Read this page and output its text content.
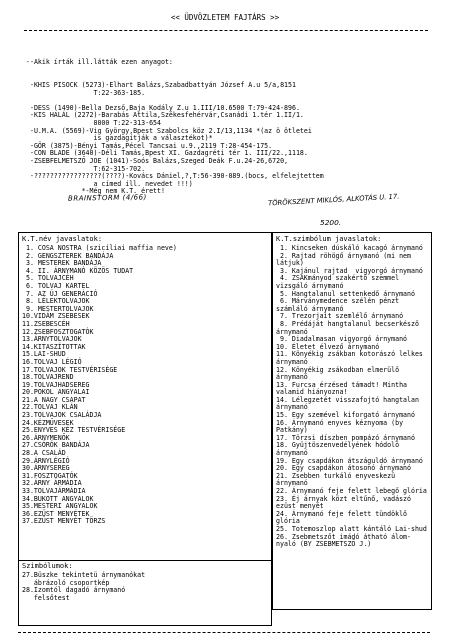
<< ÜDVÖZLETEM FAJTÁRS >>

--Akik írták ill.látták ezen anyagot:

-KHIS PISOCK (5273)-Elhart Balázs,Szabadbattyán József A.u 5/a,8151
T:22-363-185.

-DESS (1490)-Bella Dezső,Baja Kodály Z.u 1.III/10.6500 T:79-424-896.
-KIS HALÁL (2272)-Barabás Attila,Székesfehérvár,Csanádi 1.tér 1.II/1.
8000 T:22-313-654
-U.M.A. (5569)-Vig György,Bpest Szabolcs köz 2.I/13,1134 *(az ö ötletei
is gazdagítják a választékot)*
-GÖR (3875)-Bényi Tamás,Pécel Tancsai u.9.,2119 T:28-454-175.
-CON BLADE (3640)-Déli Tamás,Bpest XI. Gazdagréti tér 1. III/22.,1118.
-ZSEBFELMETSZŐ JOE (1041)-Soós Balázs,Szeged Deák F.u.24-26,6720,
T:62-315-702.
-?????????????????(????)-Kovács Dániel,?,T:56-390-089.(bocs, elfelejtettem
a címed ill. nevedet !!!)
*-Még nem K.T. érett!

BRAINSTORM (4/66)	TÖRÖKSZENT MIKLÓS, ALKOTÁS U. 17.
5200.
K.T.név javaslatok:
1. COSA NOSTRA (szicíliai maffia neve)
2. GENGSZTEREK BANDÁJA
3. MESTEREK BANDÁJA
4. II. ÁRNYMANÓ KÖZÖS TUDAT
5. TOLVAJCÉH
6. TOLVAJ KARTEL
7. AZ ÚJ GENERÁCIÓ
8. LÉLEKTOLVAJOK
9. MESTERTOLVAJOK
10.VIDÁM ZSEBESEK
11.ZSEBESCÉH
12.ZSEBFOSZTOGATÓK
13.ÁRNYTOLVAJOK
14.KITASZÍTOTTAK
15.LAI-SHUD
16.TOLVAJ LÉGIÓ
17.TOLVAJOK TESTVÉRISÉGE
18.TOLVAJREND
19.TOLVAJHADSEREG
20.POKOL ANGYALAI
21.A NAGY CSAPAT
22.TOLVAJ KLÁN
23.TOLVAJOK CSALÁDJA
24.KÉZMŰVESEK
25.ENYVES KÉZ TESTVÉRISÉGE
26.ÁRNYMENŐK
27.CSÓRÓK BANDÁJA
28.A CSALÁD
29.ÁRNYLÉGIÓ
30.ÁRNYSEREG
31.FOSZTOGATÓK
32.ÁRNY ÁRMÁDIA
33.TOLVAJÁRMÁDIA
34.BUKOTT ANGYALOK
35.MESTERI ANGYALOK
36.EZÜST MENYÉTEK
37.EZÜST MENYÉT TÖRZS
Szimbólumok:
27.Büszke tekintetü árnymanókat
ábrázoló csoportkép
28.Izomtól dagadó árnymanó
felsőtest
K.T.szimbólum javaslatok:
1. Kincseken dúskáló kacagó árnymanó
2. Rajtad röhögő árnymanó (mi nem látjuk)
3. Kajánul rajtad  vigyorgó árnymanó
4. ZSÁKmányod szakértő szemmel vizsgáló árnymanó
5. Hangtalanul settenkedő árnymanó
6. Márványmedence szélén pénzt számláló árnymanó
7. Trezorjait szemlélő árnymanó
8. Prédáját hangtalanul becserkésző árnymanó
9. Diadalmasan vigyorgó árnymanó
10. Életet élvező árnymanó
11. Könyékig zsákban kotorászó lelkes árnymanó
12. Könyékig zsákodban elmerülő árnymanó
13. Furcsa érzésed támadt! Mintha valamid hiányozna!
14. Lélegzetét visszafojtó hangtalan árnymanó
15. Egy szemével kiforgató árnymanó
16. Árnymanó enyves kéznyoma (by Patkány)
17. Törzsi díszben pompázó árnymanó
18. Gyüjtöszenvedélyének hódoló árnymanó
19. Egy csapdákon átszáguldó árnymanó
20. Egy csapdákon átosonó árnymanó
21. Zsebben turkáló enyveskezü árnymanó
22. Árnymanó feje felett lebegő glória
23. Éj árnyak közt eltűnő, vadászó ezüst menyét
24. Árnymanó feje felett tündöklő glória
25. Totemoszlop alatt kántáló Lai-shud
26. Zsebmetszőt imádó átható álom-nyaló (BY ZSEBMETSZŐ J.)
